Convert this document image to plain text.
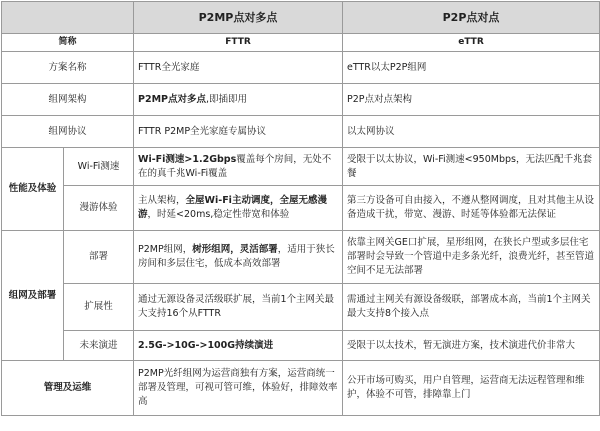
		P2MP点对多点	P2P点对点
简称		FTTR	eTTR
方案名称		FTTR全光家庭	eTTR以太P2P组网
组网架构		P2MP点对多点,即插即用	P2P点对点架构
组网协议		FTTR P2MP全光家庭专属协议	以太网协议
性能及体验	Wi-Fi测速	Wi-Fi测速>1.2Gbps覆盖每个房间，无处不在的真千兆Wi-Fi覆盖	受限于以太协议，Wi-Fi测速<950Mbps，无法匹配千兆套餐
	漫游体验	主从架构，全屋Wi-Fi主动调度，全屋无感漫游，时延<20ms,稳定性带宽和体验	第三方设备可自由接入，不遵从整网调度，且对其他主从设备造成干扰，带宽、漫游、时延等体验都无法保证
组网及部署	部署	P2MP组网，树形组网，灵活部署，适用于狭长房间和多层住宅，低成本高效部署	依靠主网关GE口扩展，星形组网，在狭长户型或多层住宅部署时会导致一个管道中走多条光纤，浪费光纤，甚至管道空间不足无法部署
	扩展性	通过无源设备灵活级联扩展，当前1个主网关最大支持16个从FTTR	需通过主网关有源设备级联，部署成本高，当前1个主网关最大支持8个接入点
	未来演进	2.5G->10G->100G持续演进	受限于以太技术，暂无演进方案，技术演进代价非常大
管理及运维		P2MP光纤组网为运营商独有方案，运营商统一部署及管理，可视可管可维，体验好，排障效率高	公开市场可购买，用户自管理，运营商无法远程管理和维护，体验不可管，排障靠上门
